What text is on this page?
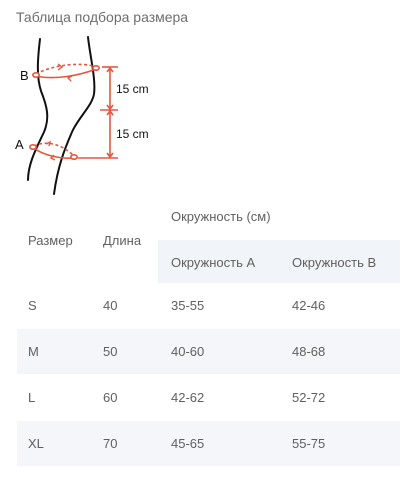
Таблица подбора размера
B
A
15 cm
15 cm
Размер Длина
Окружность (см)
Окружность A	Окружность B
S	40	35-55	42-46
M	50	40-60	48-68
L	60	42-62	52-72
XL	70	45-65	55-75
